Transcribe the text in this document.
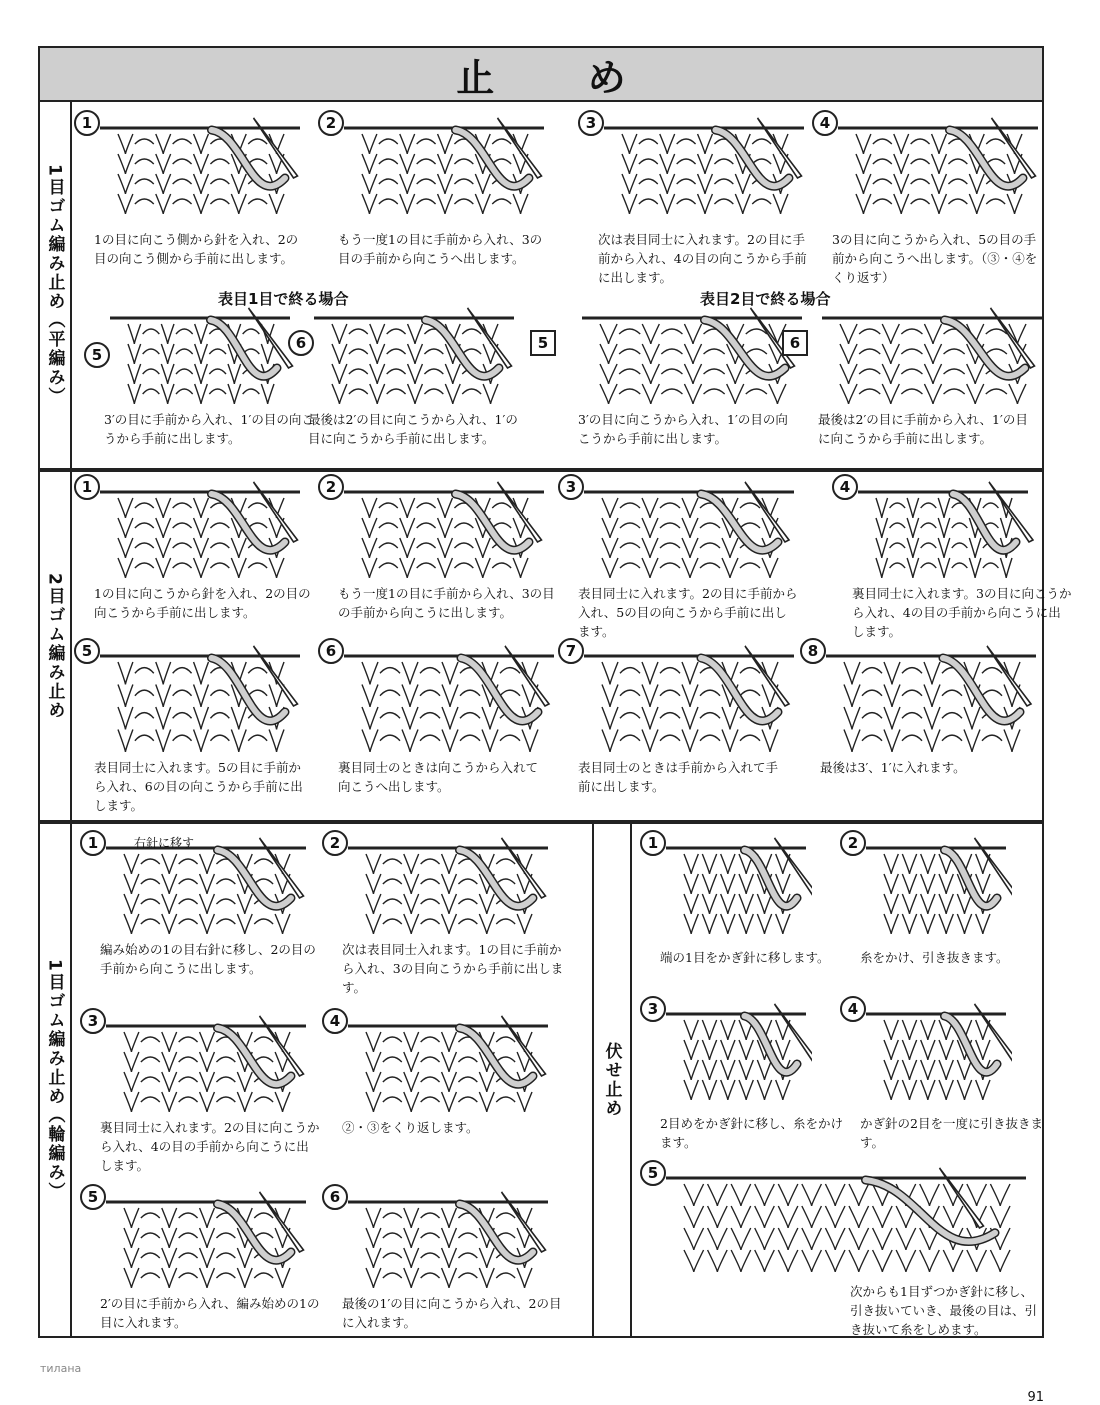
止 め
1目ゴム編み止め（平編み）	表目1目で終る場合	表目2目で終る場合
2目ゴム編み止め
1目ゴム編み止め（輪編み）	伏せ止め
1
1の目に向こう側から針を入れ、2の目の向こう側から手前に出します。
2
もう一度1の目に手前から入れ、3の目の手前から向こうへ出します。
3
次は表目同士に入れます。2の目に手前から入れ、4の目の向こうから手前に出します。
4
3の目に向こうから入れ、5の目の手前から向こうへ出します。（③・④をくり返す）
5
3′の目に手前から入れ、1′の目の向こうから手前に出します。
6
最後は2′の目に向こうから入れ、1′の目に向こうから手前に出します。
5
3′の目に向こうから入れ、1′の目の向こうから手前に出します。
6
最後は2′の目に手前から入れ、1′の目に向こうから手前に出します。
1
1の目に向こうから針を入れ、2の目の向こうから手前に出します。
2
もう一度1の目に手前から入れ、3の目の手前から向こうに出します。
3
表目同士に入れます。2の目に手前から入れ、5の目の向こうから手前に出します。
4
裏目同士に入れます。3の目に向こうから入れ、4の目の手前から向こうに出します。
5
表目同士に入れます。5の目に手前から入れ、6の目の向こうから手前に出します。
6
裏目同士のときは向こうから入れて向こうへ出します。
7
表目同士のときは手前から入れて手前に出します。
8
最後は3′、1′に入れます。
1
編み始めの1の目右針に移し、2の目の手前から向こうに出します。
2
次は表目同士入れます。1の目に手前から入れ、3の目向こうから手前に出します。
3
裏目同士に入れます。2の目に向こうから入れ、4の目の手前から向こうに出します。
4
②・③をくり返します。
5
2′の目に手前から入れ、編み始めの1の目に入れます。
6
最後の1′の目に向こうから入れ、2の目に入れます。
1
端の1目をかぎ針に移します。
2
糸をかけ、引き抜きます。
3
2目めをかぎ針に移し、糸をかけます。
4
かぎ針の2目を一度に引き抜きます。
5
次からも1目ずつかぎ針に移し、引き抜いていき、最後の目は、引き抜いて糸をしめます。
右針に移す
тилана
91
